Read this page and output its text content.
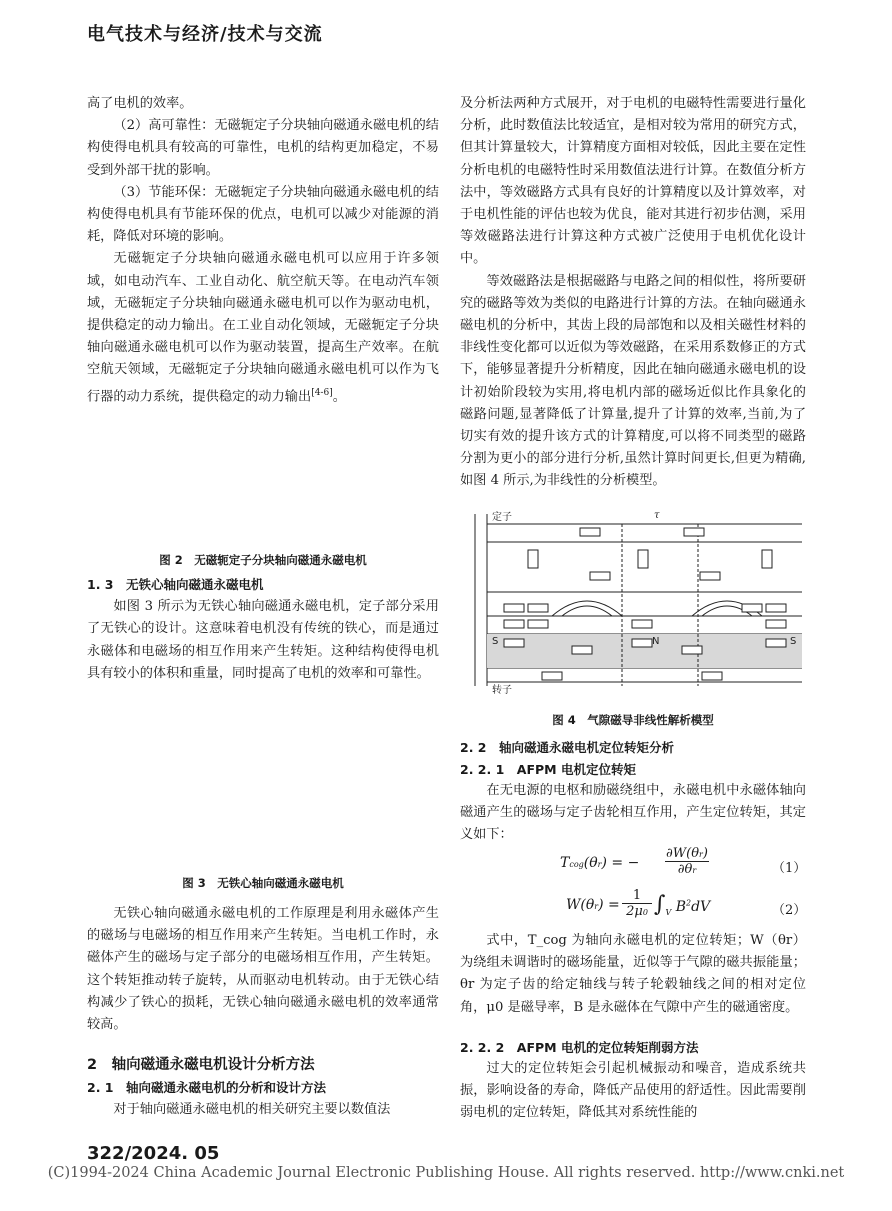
电气技术与经济/技术与交流

高了电机的效率。

（2）高可靠性：无磁轭定子分块轴向磁通永磁电机的结构使得电机具有较高的可靠性，电机的结构更加稳定，不易受到外部干扰的影响。

（3）节能环保：无磁轭定子分块轴向磁通永磁电机的结构使得电机具有节能环保的优点，电机可以减少对能源的消耗，降低对环境的影响。

无磁轭定子分块轴向磁通永磁电机可以应用于许多领域，如电动汽车、工业自动化、航空航天等。在电动汽车领域，无磁轭定子分块轴向磁通永磁电机可以作为驱动电机，提供稳定的动力输出。在工业自动化领域，无磁轭定子分块轴向磁通永磁电机可以作为驱动装置，提高生产效率。在航空航天领域，无磁轭定子分块轴向磁通永磁电机可以作为飞行器的动力系统，提供稳定的动力输出[4-6]。

图 2　无磁轭定子分块轴向磁通永磁电机

1. 3　无铁心轴向磁通永磁电机

如图 3 所示为无铁心轴向磁通永磁电机，定子部分采用了无铁心的设计。这意味着电机没有传统的铁心，而是通过永磁体和电磁场的相互作用来产生转矩。这种结构使得电机具有较小的体积和重量，同时提高了电机的效率和可靠性。

图 3　无铁心轴向磁通永磁电机

无铁心轴向磁通永磁电机的工作原理是利用永磁体产生的磁场与电磁场的相互作用来产生转矩。当电机工作时，永磁体产生的磁场与定子部分的电磁场相互作用，产生转矩。这个转矩推动转子旋转，从而驱动电机转动。由于无铁心结构减少了铁心的损耗，无铁心轴向磁通永磁电机的效率通常较高。

2　轴向磁通永磁电机设计分析方法
2. 1　轴向磁通永磁电机的分析和设计方法

对于轴向磁通永磁电机的相关研究主要以数值法

及分析法两种方式展开，对于电机的电磁特性需要进行量化分析，此时数值法比较适宜，是相对较为常用的研究方式，但其计算量较大，计算精度方面相对较低，因此主要在定性分析电机的电磁特性时采用数值法进行计算。在数值分析方法中，等效磁路方式具有良好的计算精度以及计算效率，对于电机性能的评估也较为优良，能对其进行初步估测，采用等效磁路法进行计算这种方式被广泛使用于电机优化设计中。

等效磁路法是根据磁路与电路之间的相似性，将所要研究的磁路等效为类似的电路进行计算的方法。在轴向磁通永磁电机的分析中，其齿上段的局部饱和以及相关磁性材料的非线性变化都可以近似为等效磁路，在采用系数修正的方式下，能够显著提升分析精度，因此在轴向磁通永磁电机的设计初始阶段较为实用,将电机内部的磁场近似比作具象化的磁路问题,显著降低了计算量,提升了计算的效率,当前,为了切实有效的提升该方式的计算精度,可以将不同类型的磁路分割为更小的部分进行分析,虽然计算时间更长,但更为精确,如图 4 所示,为非线性的分析模型。

定子
转子
τ
N
S	S
图 4　气隙磁导非线性解析模型
2. 2　轴向磁通永磁电机定位转矩分析
2. 2. 1　AFPM 电机定位转矩

在无电源的电枢和励磁绕组中，永磁电机中永磁体轴向磁通产生的磁场与定子齿轮相互作用，产生定位转矩，其定义如下：

Tcog(θr) = −
∂W(θr)
∂θr	（1）
W(θr) =
1
2μ0 $\int_V$ $B^2dV$	（2）

式中，T_cog 为轴向永磁电机的定位转矩；W（θr）为绕组未调谐时的磁场能量，近似等于气隙的磁共振能量；θr 为定子齿的给定轴线与转子轮毂轴线之间的相对定位角，μ0 是磁导率，B 是永磁体在气隙中产生的磁通密度。

2. 2. 2　AFPM 电机的定位转矩削弱方法

过大的定位转矩会引起机械振动和噪音，造成系统共振，影响设备的寿命，降低产品使用的舒适性。因此需要削弱电机的定位转矩，降低其对系统性能的

322/2024. 05
(C)1994-2024 China Academic Journal Electronic Publishing House. All rights reserved. http://www.cnki.net
